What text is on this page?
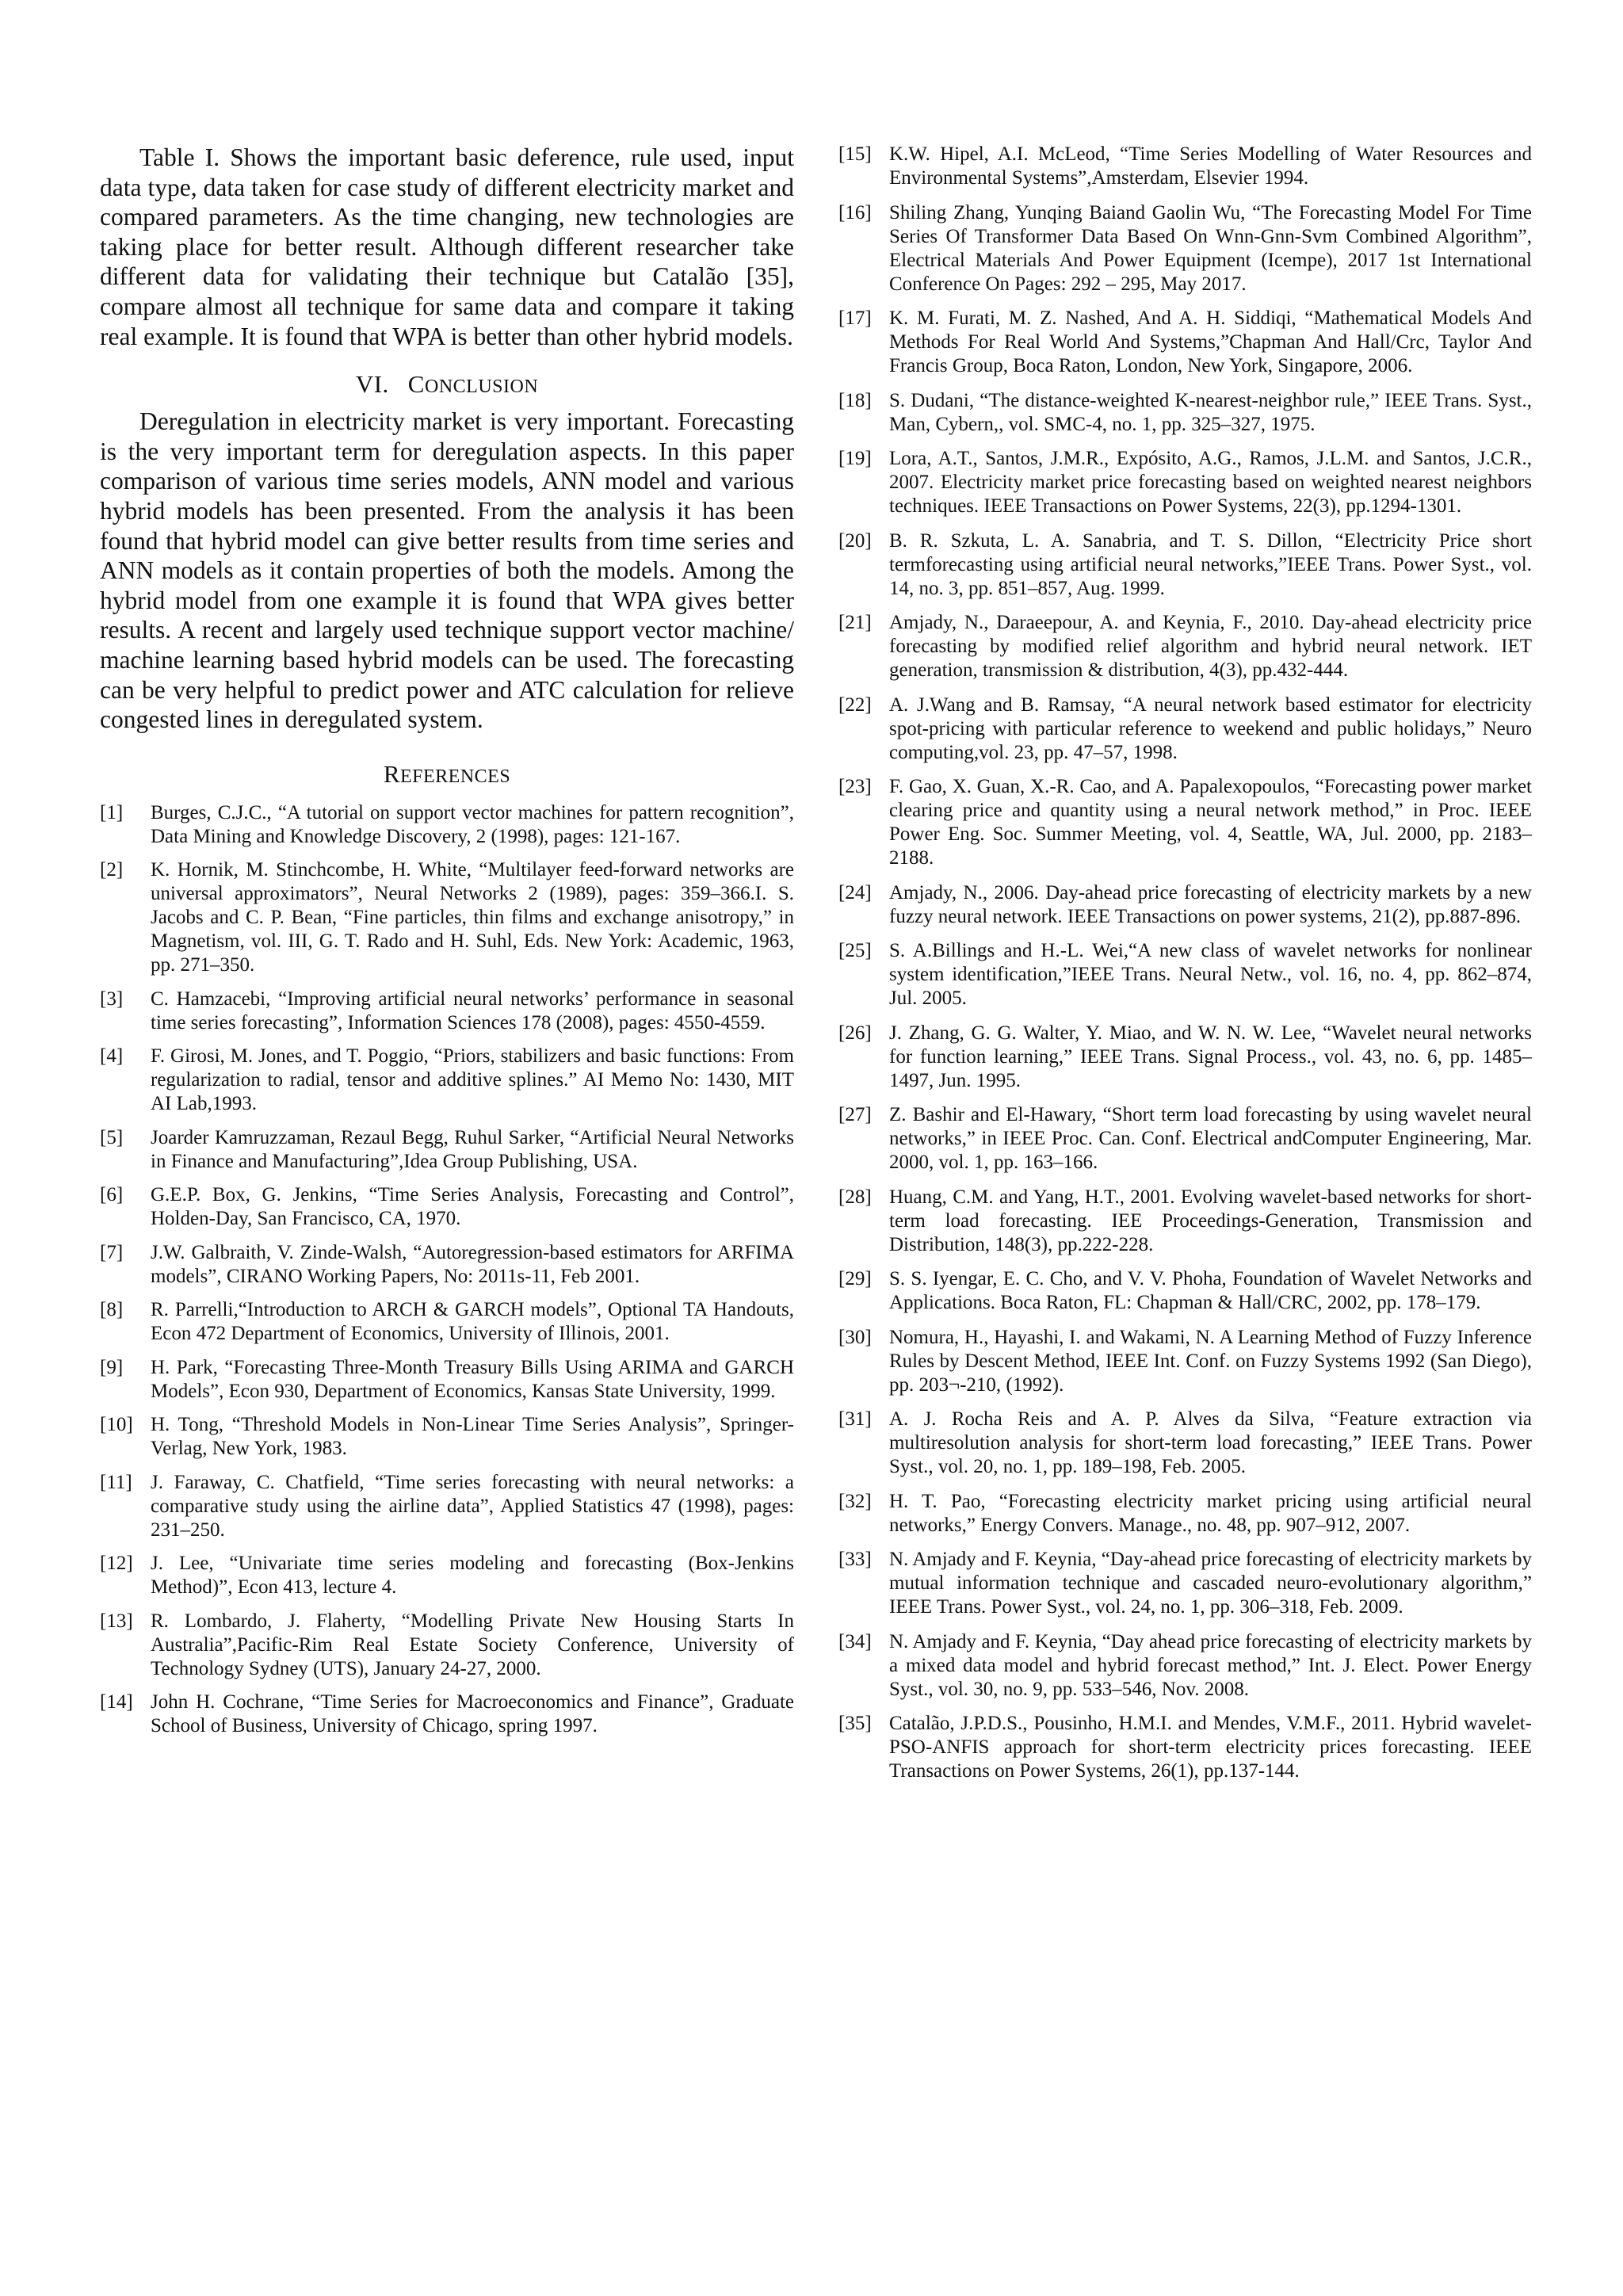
Table I. Shows the important basic deference, rule used, input data type, data taken for case study of different electricity market and compared parameters. As the time changing, new technologies are taking place for better result. Although different researcher take different data for validating their technique but Catalão [35], compare almost all technique for same data and compare it taking real example. It is found that WPA is better than other hybrid models.

VI. CONCLUSION

Deregulation in electricity market is very important. Forecasting is the very important term for deregulation aspects. In this paper comparison of various time series models, ANN model and various hybrid models has been presented. From the analysis it has been found that hybrid model can give better results from time series and ANN models as it contain properties of both the models. Among the hybrid model from one example it is found that WPA gives better results. A recent and largely used technique support vector machine/ machine learning based hybrid models can be used. The forecasting can be very helpful to predict power and ATC calculation for relieve congested lines in deregulated system.

REFERENCES
[1]	Burges, C.J.C., “A tutorial on support vector machines for pattern recognition”, Data Mining and Knowledge Discovery, 2 (1998), pages: 121-167.
[2]	K. Hornik, M. Stinchcombe, H. White, “Multilayer feed-forward networks are universal approximators”, Neural Networks 2 (1989), pages: 359–366.I. S. Jacobs and C. P. Bean, “Fine particles, thin films and exchange anisotropy,” in Magnetism, vol. III, G. T. Rado and H. Suhl, Eds. New York: Academic, 1963, pp. 271–350.
[3]	C. Hamzacebi, “Improving artificial neural networks’ performance in seasonal time series forecasting”, Information Sciences 178 (2008), pages: 4550-4559.
[4]	F. Girosi, M. Jones, and T. Poggio, “Priors, stabilizers and basic functions: From regularization to radial, tensor and additive splines.” AI Memo No: 1430, MIT AI Lab,1993.
[5]	Joarder Kamruzzaman, Rezaul Begg, Ruhul Sarker, “Artificial Neural Networks in Finance and Manufacturing”,Idea Group Publishing, USA.
[6]	G.E.P. Box, G. Jenkins, “Time Series Analysis, Forecasting and Control”, Holden-Day, San Francisco, CA, 1970.
[7]	J.W. Galbraith, V. Zinde-Walsh, “Autoregression-based estimators for ARFIMA models”, CIRANO Working Papers, No: 2011s-11, Feb 2001.
[8]	R. Parrelli,“Introduction to ARCH & GARCH models”, Optional TA Handouts, Econ 472 Department of Economics, University of Illinois, 2001.
[9]	H. Park, “Forecasting Three-Month Treasury Bills Using ARIMA and GARCH Models”, Econ 930, Department of Economics, Kansas State University, 1999.
[10] H. Tong, “Threshold Models in Non-Linear Time Series Analysis”, Springer-Verlag, New York, 1983.
[11] J. Faraway, C. Chatfield, “Time series forecasting with neural networks: a comparative study using the airline data”, Applied Statistics 47 (1998), pages: 231–250.
[12] J. Lee, “Univariate time series modeling and forecasting (Box-Jenkins Method)”, Econ 413, lecture 4.
[13] R. Lombardo, J. Flaherty, “Modelling Private New Housing Starts In Australia”,Pacific-Rim Real Estate Society Conference, University of Technology Sydney (UTS), January 24-27, 2000.
[14] John H. Cochrane, “Time Series for Macroeconomics and Finance”, Graduate School of Business, University of Chicago, spring 1997.
[15] K.W. Hipel, A.I. McLeod, “Time Series Modelling of Water Resources and Environmental Systems”,Amsterdam, Elsevier 1994.
[16] Shiling Zhang, Yunqing Baiand Gaolin Wu, “The Forecasting Model For Time Series Of Transformer Data Based On Wnn-Gnn-Svm Combined Algorithm”, Electrical Materials And Power Equipment (Icempe), 2017 1st International Conference On Pages: 292 – 295, May 2017.
[17] K. M. Furati, M. Z. Nashed, And A. H. Siddiqi, “Mathematical Models And Methods For Real World And Systems,”Chapman And Hall/Crc, Taylor And Francis Group, Boca Raton, London, New York, Singapore, 2006.
[18] S. Dudani, “The distance-weighted K-nearest-neighbor rule,” IEEE Trans. Syst., Man, Cybern,, vol. SMC-4, no. 1, pp. 325–327, 1975.
[19] Lora, A.T., Santos, J.M.R., Expósito, A.G., Ramos, J.L.M. and Santos, J.C.R., 2007. Electricity market price forecasting based on weighted nearest neighbors techniques. IEEE Transactions on Power Systems, 22(3), pp.1294-1301.
[20] B. R. Szkuta, L. A. Sanabria, and T. S. Dillon, “Electricity Price short termforecasting using artificial neural networks,”IEEE Trans. Power Syst., vol. 14, no. 3, pp. 851–857, Aug. 1999.
[21] Amjady, N., Daraeepour, A. and Keynia, F., 2010. Day-ahead electricity price forecasting by modified relief algorithm and hybrid neural network. IET generation, transmission & distribution, 4(3), pp.432-444.
[22] A. J.Wang and B. Ramsay, “A neural network based estimator for electricity spot-pricing with particular reference to weekend and public holidays,” Neuro computing,vol. 23, pp. 47–57, 1998.
[23] F. Gao, X. Guan, X.-R. Cao, and A. Papalexopoulos, “Forecasting power market clearing price and quantity using a neural network method,” in Proc. IEEE Power Eng. Soc. Summer Meeting, vol. 4, Seattle, WA, Jul. 2000, pp. 2183–2188.
[24] Amjady, N., 2006. Day-ahead price forecasting of electricity markets by a new fuzzy neural network. IEEE Transactions on power systems, 21(2), pp.887-896.
[25] S. A.Billings and H.-L. Wei,“A new class of wavelet networks for nonlinear system identification,”IEEE Trans. Neural Netw., vol. 16, no. 4, pp. 862–874, Jul. 2005.
[26] J. Zhang, G. G. Walter, Y. Miao, and W. N. W. Lee, “Wavelet neural networks for function learning,” IEEE Trans. Signal Process., vol. 43, no. 6, pp. 1485–1497, Jun. 1995.
[27] Z. Bashir and El-Hawary, “Short term load forecasting by using wavelet neural networks,” in IEEE Proc. Can. Conf. Electrical andComputer Engineering, Mar. 2000, vol. 1, pp. 163–166.
[28] Huang, C.M. and Yang, H.T., 2001. Evolving wavelet-based networks for short-term load forecasting. IEE Proceedings-Generation, Transmission and Distribution, 148(3), pp.222-228.
[29] S. S. Iyengar, E. C. Cho, and V. V. Phoha, Foundation of Wavelet Networks and Applications. Boca Raton, FL: Chapman & Hall/CRC, 2002, pp. 178–179.
[30] Nomura, H., Hayashi, I. and Wakami, N. A Learning Method of Fuzzy Inference Rules by Descent Method, IEEE Int. Conf. on Fuzzy Systems 1992 (San Diego), pp. 203¬-210, (1992).
[31] A. J. Rocha Reis and A. P. Alves da Silva, “Feature extraction via multiresolution analysis for short-term load forecasting,” IEEE Trans. Power Syst., vol. 20, no. 1, pp. 189–198, Feb. 2005.
[32] H. T. Pao, “Forecasting electricity market pricing using artificial neural networks,” Energy Convers. Manage., no. 48, pp. 907–912, 2007.
[33] N. Amjady and F. Keynia, “Day-ahead price forecasting of electricity markets by mutual information technique and cascaded neuro-evolutionary algorithm,” IEEE Trans. Power Syst., vol. 24, no. 1, pp. 306–318, Feb. 2009.
[34] N. Amjady and F. Keynia, “Day ahead price forecasting of electricity markets by a mixed data model and hybrid forecast method,” Int. J. Elect. Power Energy Syst., vol. 30, no. 9, pp. 533–546, Nov. 2008.
[35] Catalão, J.P.D.S., Pousinho, H.M.I. and Mendes, V.M.F., 2011. Hybrid wavelet-PSO-ANFIS approach for short-term electricity prices forecasting. IEEE Transactions on Power Systems, 26(1), pp.137-144.
